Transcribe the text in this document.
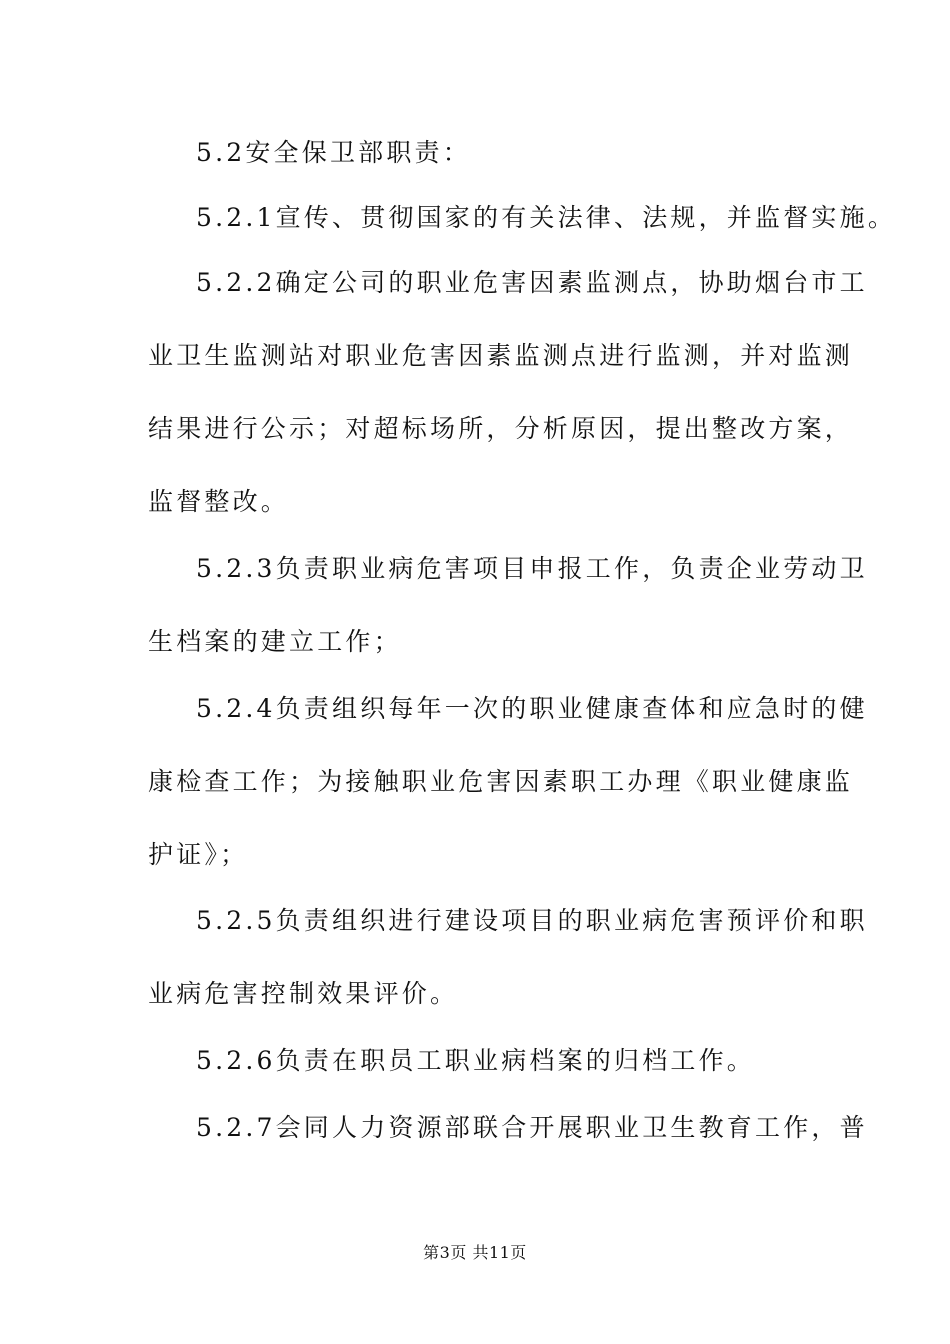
5.2安全保卫部职责：
5.2.1宣传、贯彻国家的有关法律、法规，并监督实施。
5.2.2确定公司的职业危害因素监测点，协助烟台市工
业卫生监测站对职业危害因素监测点进行监测，并对监测
结果进行公示；对超标场所，分析原因，提出整改方案，
监督整改。
5.2.3负责职业病危害项目申报工作，负责企业劳动卫
生档案的建立工作；
5.2.4负责组织每年一次的职业健康查体和应急时的健
康检查工作；为接触职业危害因素职工办理《职业健康监
护证》；
5.2.5负责组织进行建设项目的职业病危害预评价和职
业病危害控制效果评价。
5.2.6负责在职员工职业病档案的归档工作。
5.2.7会同人力资源部联合开展职业卫生教育工作，普
第3页 共11页
